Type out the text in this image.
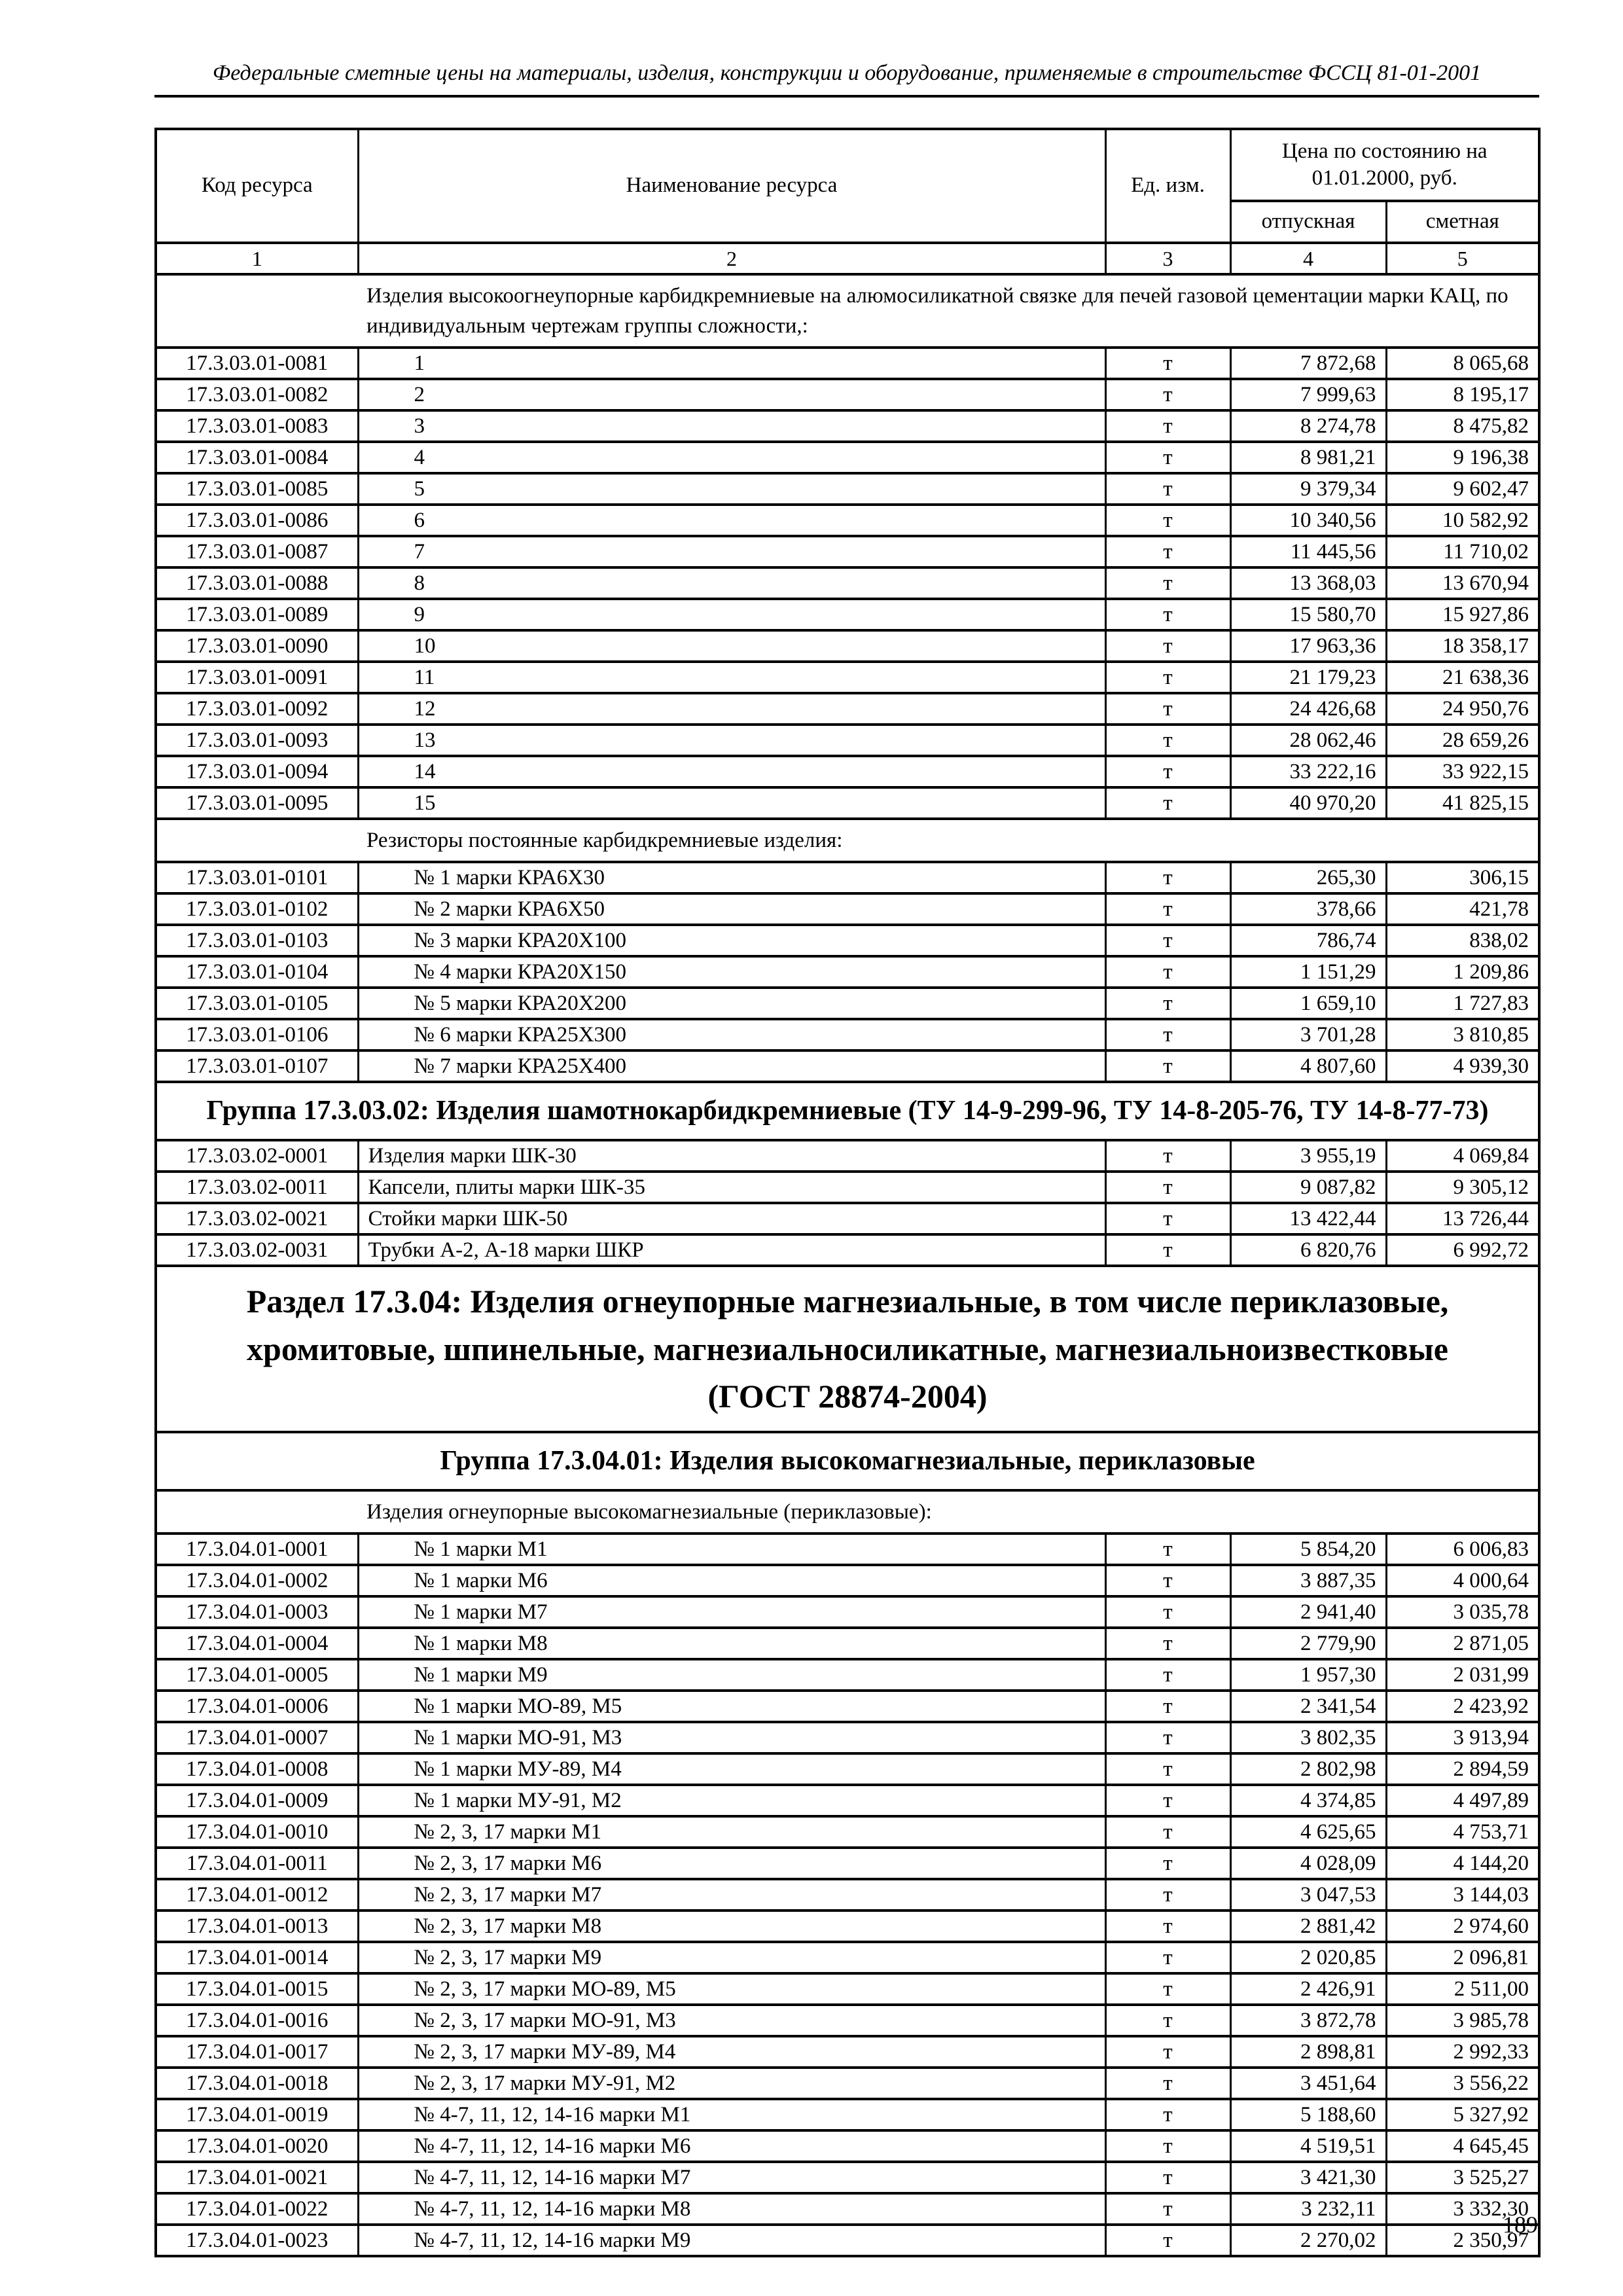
Федеральные сметные цены на материалы, изделия, конструкции и оборудование, применяемые в строительстве ФССЦ 81-01-2001
Код ресурса	Наименование ресурса	Ед. изм.	Цена по состоянию на 01.01.2000, руб.	
			отпускная	сметная
1	2	3	4	5
Изделия высокоогнеупорные карбидкремниевые на алюмосиликатной связке для печей газовой цементации марки КАЦ, по индивидуальным чертежам группы сложности,:				
17.3.03.01-0081	1	т	7 872,68	8 065,68
17.3.03.01-0082	2	т	7 999,63	8 195,17
17.3.03.01-0083	3	т	8 274,78	8 475,82
17.3.03.01-0084	4	т	8 981,21	9 196,38
17.3.03.01-0085	5	т	9 379,34	9 602,47
17.3.03.01-0086	6	т	10 340,56	10 582,92
17.3.03.01-0087	7	т	11 445,56	11 710,02
17.3.03.01-0088	8	т	13 368,03	13 670,94
17.3.03.01-0089	9	т	15 580,70	15 927,86
17.3.03.01-0090	10	т	17 963,36	18 358,17
17.3.03.01-0091	11	т	21 179,23	21 638,36
17.3.03.01-0092	12	т	24 426,68	24 950,76
17.3.03.01-0093	13	т	28 062,46	28 659,26
17.3.03.01-0094	14	т	33 222,16	33 922,15
17.3.03.01-0095	15	т	40 970,20	41 825,15
Резисторы постоянные карбидкремниевые изделия:				
17.3.03.01-0101	№ 1 марки КРА6Х30	т	265,30	306,15
17.3.03.01-0102	№ 2 марки КРА6Х50	т	378,66	421,78
17.3.03.01-0103	№ 3 марки КРА20Х100	т	786,74	838,02
17.3.03.01-0104	№ 4 марки КРА20Х150	т	1 151,29	1 209,86
17.3.03.01-0105	№ 5 марки КРА20Х200	т	1 659,10	1 727,83
17.3.03.01-0106	№ 6 марки КРА25Х300	т	3 701,28	3 810,85
17.3.03.01-0107	№ 7 марки КРА25Х400	т	4 807,60	4 939,30
Группа 17.3.03.02: Изделия шамотнокарбидкремниевые (ТУ 14-9-299-96, ТУ 14-8-205-76, ТУ 14-8-77-73)				
17.3.03.02-0001	Изделия марки ШК-30	т	3 955,19	4 069,84
17.3.03.02-0011	Капсели, плиты марки ШК-35	т	9 087,82	9 305,12
17.3.03.02-0021	Стойки марки ШК-50	т	13 422,44	13 726,44
17.3.03.02-0031	Трубки А-2, А-18 марки ШКР	т	6 820,76	6 992,72
Раздел 17.3.04: Изделия огнеупорные магнезиальные, в том числе периклазовые, хромитовые, шпинельные, магнезиальносиликатные, магнезиальноизвестковые (ГОСТ 28874-2004)				
Группа 17.3.04.01: Изделия высокомагнезиальные, периклазовые				
Изделия огнеупорные высокомагнезиальные (периклазовые):				
17.3.04.01-0001	№ 1 марки М1	т	5 854,20	6 006,83
17.3.04.01-0002	№ 1 марки М6	т	3 887,35	4 000,64
17.3.04.01-0003	№ 1 марки М7	т	2 941,40	3 035,78
17.3.04.01-0004	№ 1 марки М8	т	2 779,90	2 871,05
17.3.04.01-0005	№ 1 марки М9	т	1 957,30	2 031,99
17.3.04.01-0006	№ 1 марки МО-89, М5	т	2 341,54	2 423,92
17.3.04.01-0007	№ 1 марки МО-91, М3	т	3 802,35	3 913,94
17.3.04.01-0008	№ 1 марки МУ-89, М4	т	2 802,98	2 894,59
17.3.04.01-0009	№ 1 марки МУ-91, М2	т	4 374,85	4 497,89
17.3.04.01-0010	№ 2, 3, 17 марки М1	т	4 625,65	4 753,71
17.3.04.01-0011	№ 2, 3, 17 марки М6	т	4 028,09	4 144,20
17.3.04.01-0012	№ 2, 3, 17 марки М7	т	3 047,53	3 144,03
17.3.04.01-0013	№ 2, 3, 17 марки М8	т	2 881,42	2 974,60
17.3.04.01-0014	№ 2, 3, 17 марки М9	т	2 020,85	2 096,81
17.3.04.01-0015	№ 2, 3, 17 марки МО-89, М5	т	2 426,91	2 511,00
17.3.04.01-0016	№ 2, 3, 17 марки МО-91, М3	т	3 872,78	3 985,78
17.3.04.01-0017	№ 2, 3, 17 марки МУ-89, М4	т	2 898,81	2 992,33
17.3.04.01-0018	№ 2, 3, 17 марки МУ-91, М2	т	3 451,64	3 556,22
17.3.04.01-0019	№ 4-7, 11, 12, 14-16 марки М1	т	5 188,60	5 327,92
17.3.04.01-0020	№ 4-7, 11, 12, 14-16 марки М6	т	4 519,51	4 645,45
17.3.04.01-0021	№ 4-7, 11, 12, 14-16 марки М7	т	3 421,30	3 525,27
17.3.04.01-0022	№ 4-7, 11, 12, 14-16 марки М8	т	3 232,11	3 332,30
17.3.04.01-0023	№ 4-7, 11, 12, 14-16 марки М9	т	2 270,02	2 350,97
189
